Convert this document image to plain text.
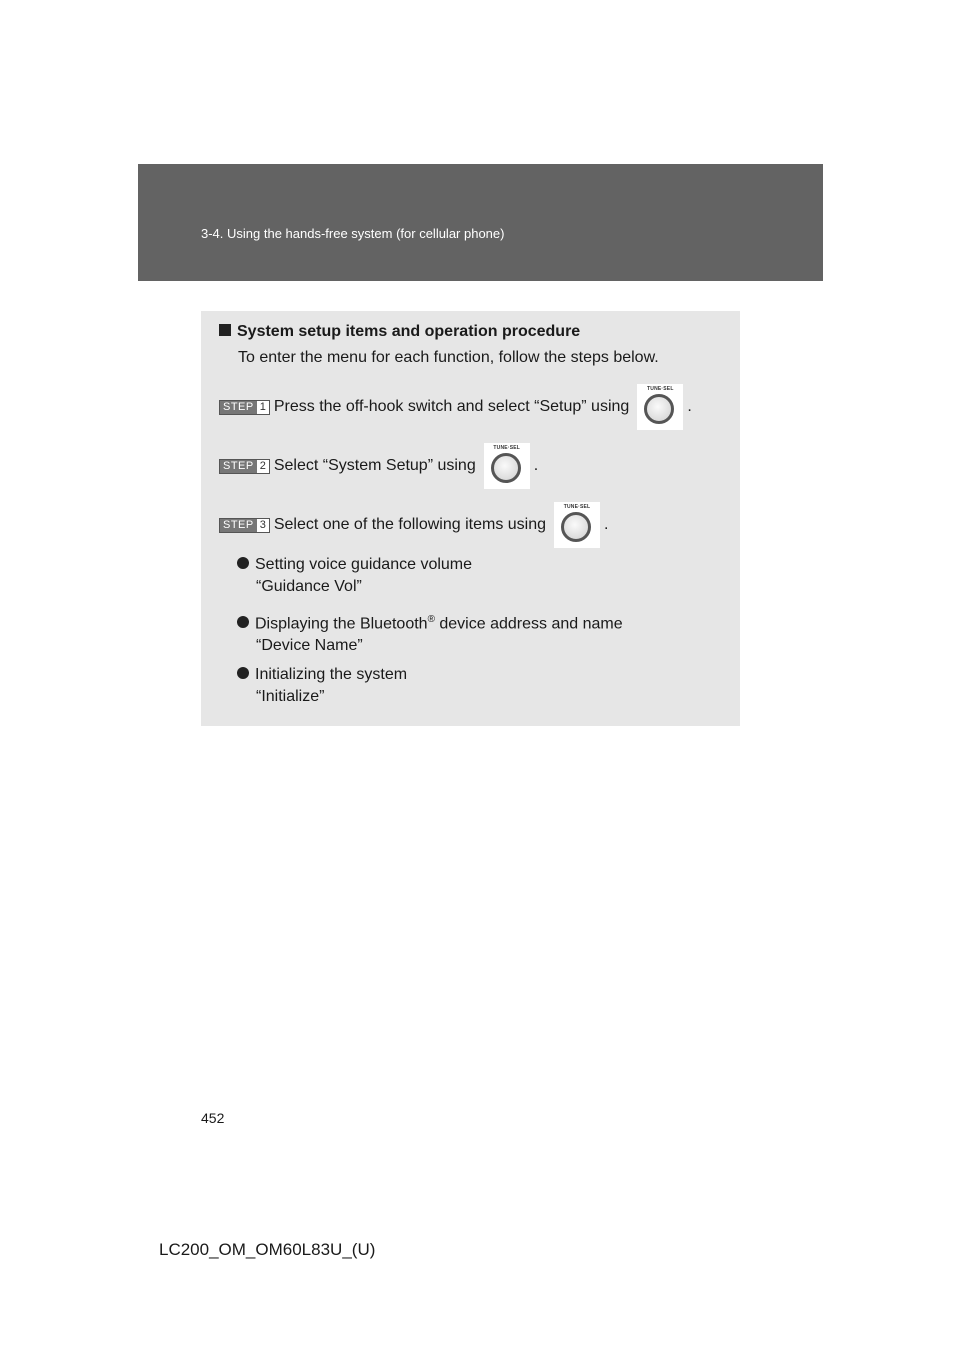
3-4. Using the hands-free system (for cellular phone)
System setup items and operation procedure
To enter the menu for each function, follow the steps below.
STEP 1 Press the off-hook switch and select “Setup” using
TUNE·SEL
.
STEP 2 Select “System Setup” using
TUNE·SEL
.
STEP 3 Select one of the following items using
TUNE·SEL
.
Setting voice guidance volume
“Guidance Vol”
Displaying the Bluetooth® device address and name
“Device Name”
Initializing the system
“Initialize”
452
LC200_OM_OM60L83U_(U)
